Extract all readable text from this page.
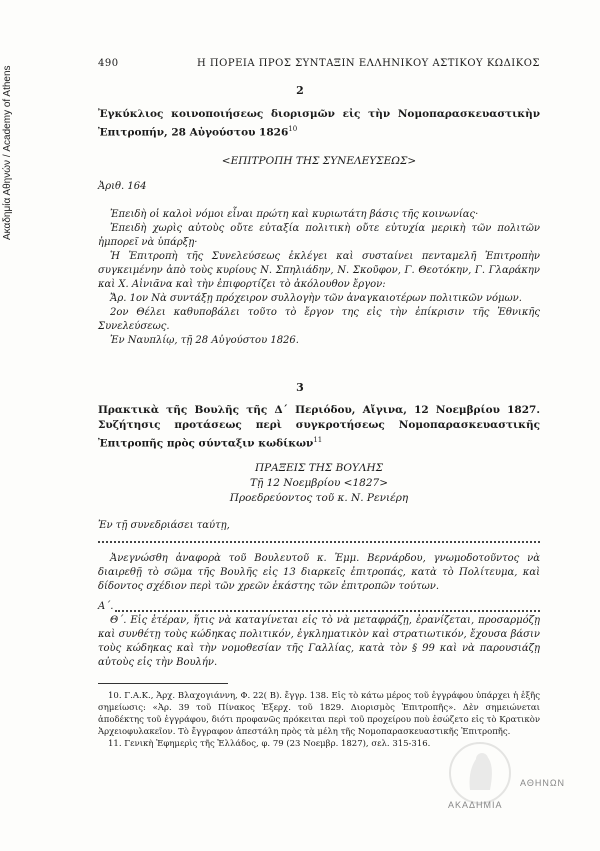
Ακαδημία Αθηνών / Academy of Athens
490	Η ΠΟΡΕΙΑ ΠΡΟΣ ΣΥΝΤΑΞΙΝ ΕΛΛΗΝΙΚΟΥ ΑΣΤΙΚΟΥ ΚΩΔΙΚΟΣ
2
Ἐγκύκλιος κοινοποιήσεως διορισμῶν εἰς τὴν Νομοπαρασκευαστικὴν Ἐπιτροπήν, 28 Αὐγούστου $1826^{10}$
<ΕΠΙΤΡΟΠΗ ΤΗΣ ΣΥΝΕΛΕΥΣΕΩΣ>

Ἀριθ. 164

Ἐπειδὴ οἱ καλοὶ νόμοι εἶναι πρώτη καὶ κυριωτάτη βάσις τῆς κοινωνίας·

Ἐπειδὴ χωρὶς αὐτοὺς οὔτε εὐταξία πολιτικὴ οὔτε εὐτυχία μερικὴ τῶν πολιτῶν ἠμπορεῖ νὰ ὑπάρξῃ·

Ἡ Ἐπιτροπὴ τῆς Συνελεύσεως ἐκλέγει καὶ συσταίνει πενταμελῆ Ἐπιτροπὴν συγκειμένην ἀπὸ τοὺς κυρίους Ν. Σπηλιάδην, Ν. Σκοῦφον, Γ. Θεοτόκην, Γ. Γλαράκην καὶ Χ. Αἰνιᾶνα καὶ τὴν ἐπιφορτίζει τὸ ἀκόλουθον ἔργον:

Ἄρ. 1ον Νὰ συντάξῃ πρόχειρον συλλογὴν τῶν ἀναγκαιοτέρων πολιτικῶν νόμων.

2ον Θέλει καθυποβάλει τοῦτο τὸ ἔργον της εἰς τὴν ἐπίκρισιν τῆς Ἐθνικῆς Συνελεύσεως.

Ἐν Ναυπλίῳ, τῇ 28 Αὐγούστου 1826.

3
Πρακτικὰ τῆς Βουλῆς τῆς Δ΄ Περιόδου, Αἴγινα, 12 Νοεμβρίου 1827. Συζήτησις προτάσεως περὶ συγκροτήσεως Νομοπαρασκευαστικῆς Ἐπιτροπῆς πρὸς σύνταξιν κωδίκων$^{11}$
ΠΡΑΞΕΙΣ ΤΗΣ ΒΟΥΛΗΣ
Τῇ 12 Νοεμβρίου <1827>
Προεδρεύοντος τοῦ κ. Ν. Ρενιέρη

Ἐν τῇ συνεδριάσει ταύτῃ,

Ἀνεγνώσθη ἀναφορὰ τοῦ Βουλευτοῦ κ. Ἐμμ. Βερνάρδου, γνωμοδοτοῦντος νὰ διαιρεθῇ τὸ σῶμα τῆς Βουλῆς εἰς 13 διαρκεῖς ἐπιτροπάς, κατὰ τὸ Πολίτευμα, καὶ δίδοντος σχέδιον περὶ τῶν χρεῶν ἑκάστης τῶν ἐπιτροπῶν τούτων.

Α΄.

Θ΄. Εἰς ἑτέραν, ἥτις νὰ καταγίνεται εἰς τὸ νὰ μεταφράζῃ, ἐρανίζεται, προσαρμόζῃ καὶ συνθέτῃ τοὺς κώδηκας πολιτικόν, ἐγκληματικὸν καὶ στρατιωτικόν, ἔχουσα βάσιν τοὺς κώδηκας καὶ τὴν νομοθεσίαν τῆς Γαλλίας, κατὰ τὸν § 99 καὶ νὰ παρουσιάζῃ αὐτοὺς εἰς τὴν Βουλήν.

10. Γ.Α.Κ., Ἀρχ. Βλαχογιάννη, Φ. 22( Β). ἔγγρ. 138. Εἰς τὸ κάτω μέρος τοῦ ἐγγράφου ὑπάρχει ἡ ἑξῆς σημείωσις: «Ἀρ. 39 τοῦ Πίνακος Ἐξερχ. τοῦ 1829. Διορισμὸς Ἐπιτροπῆς». Δὲν σημειώνεται ἀποδέκτης τοῦ ἐγγράφου, διότι προφανῶς πρόκειται περὶ τοῦ προχείρου ποὺ ἐσώζετο εἰς τὸ Κρατικὸν Ἀρχειοφυλακεῖον. Τὸ ἔγγραφον ἀπεστάλη πρὸς τὰ μέλη τῆς Νομοπαρασκευαστικῆς Ἐπιτροπῆς.

11. Γενικὴ Ἐφημερὶς τῆς Ἑλλάδος, φ. 79 (23 Νοεμβρ. 1827), σελ. 315-316.

ΑΚΑΔΗΜΙΑ
ΑΘΗΝΩΝ
